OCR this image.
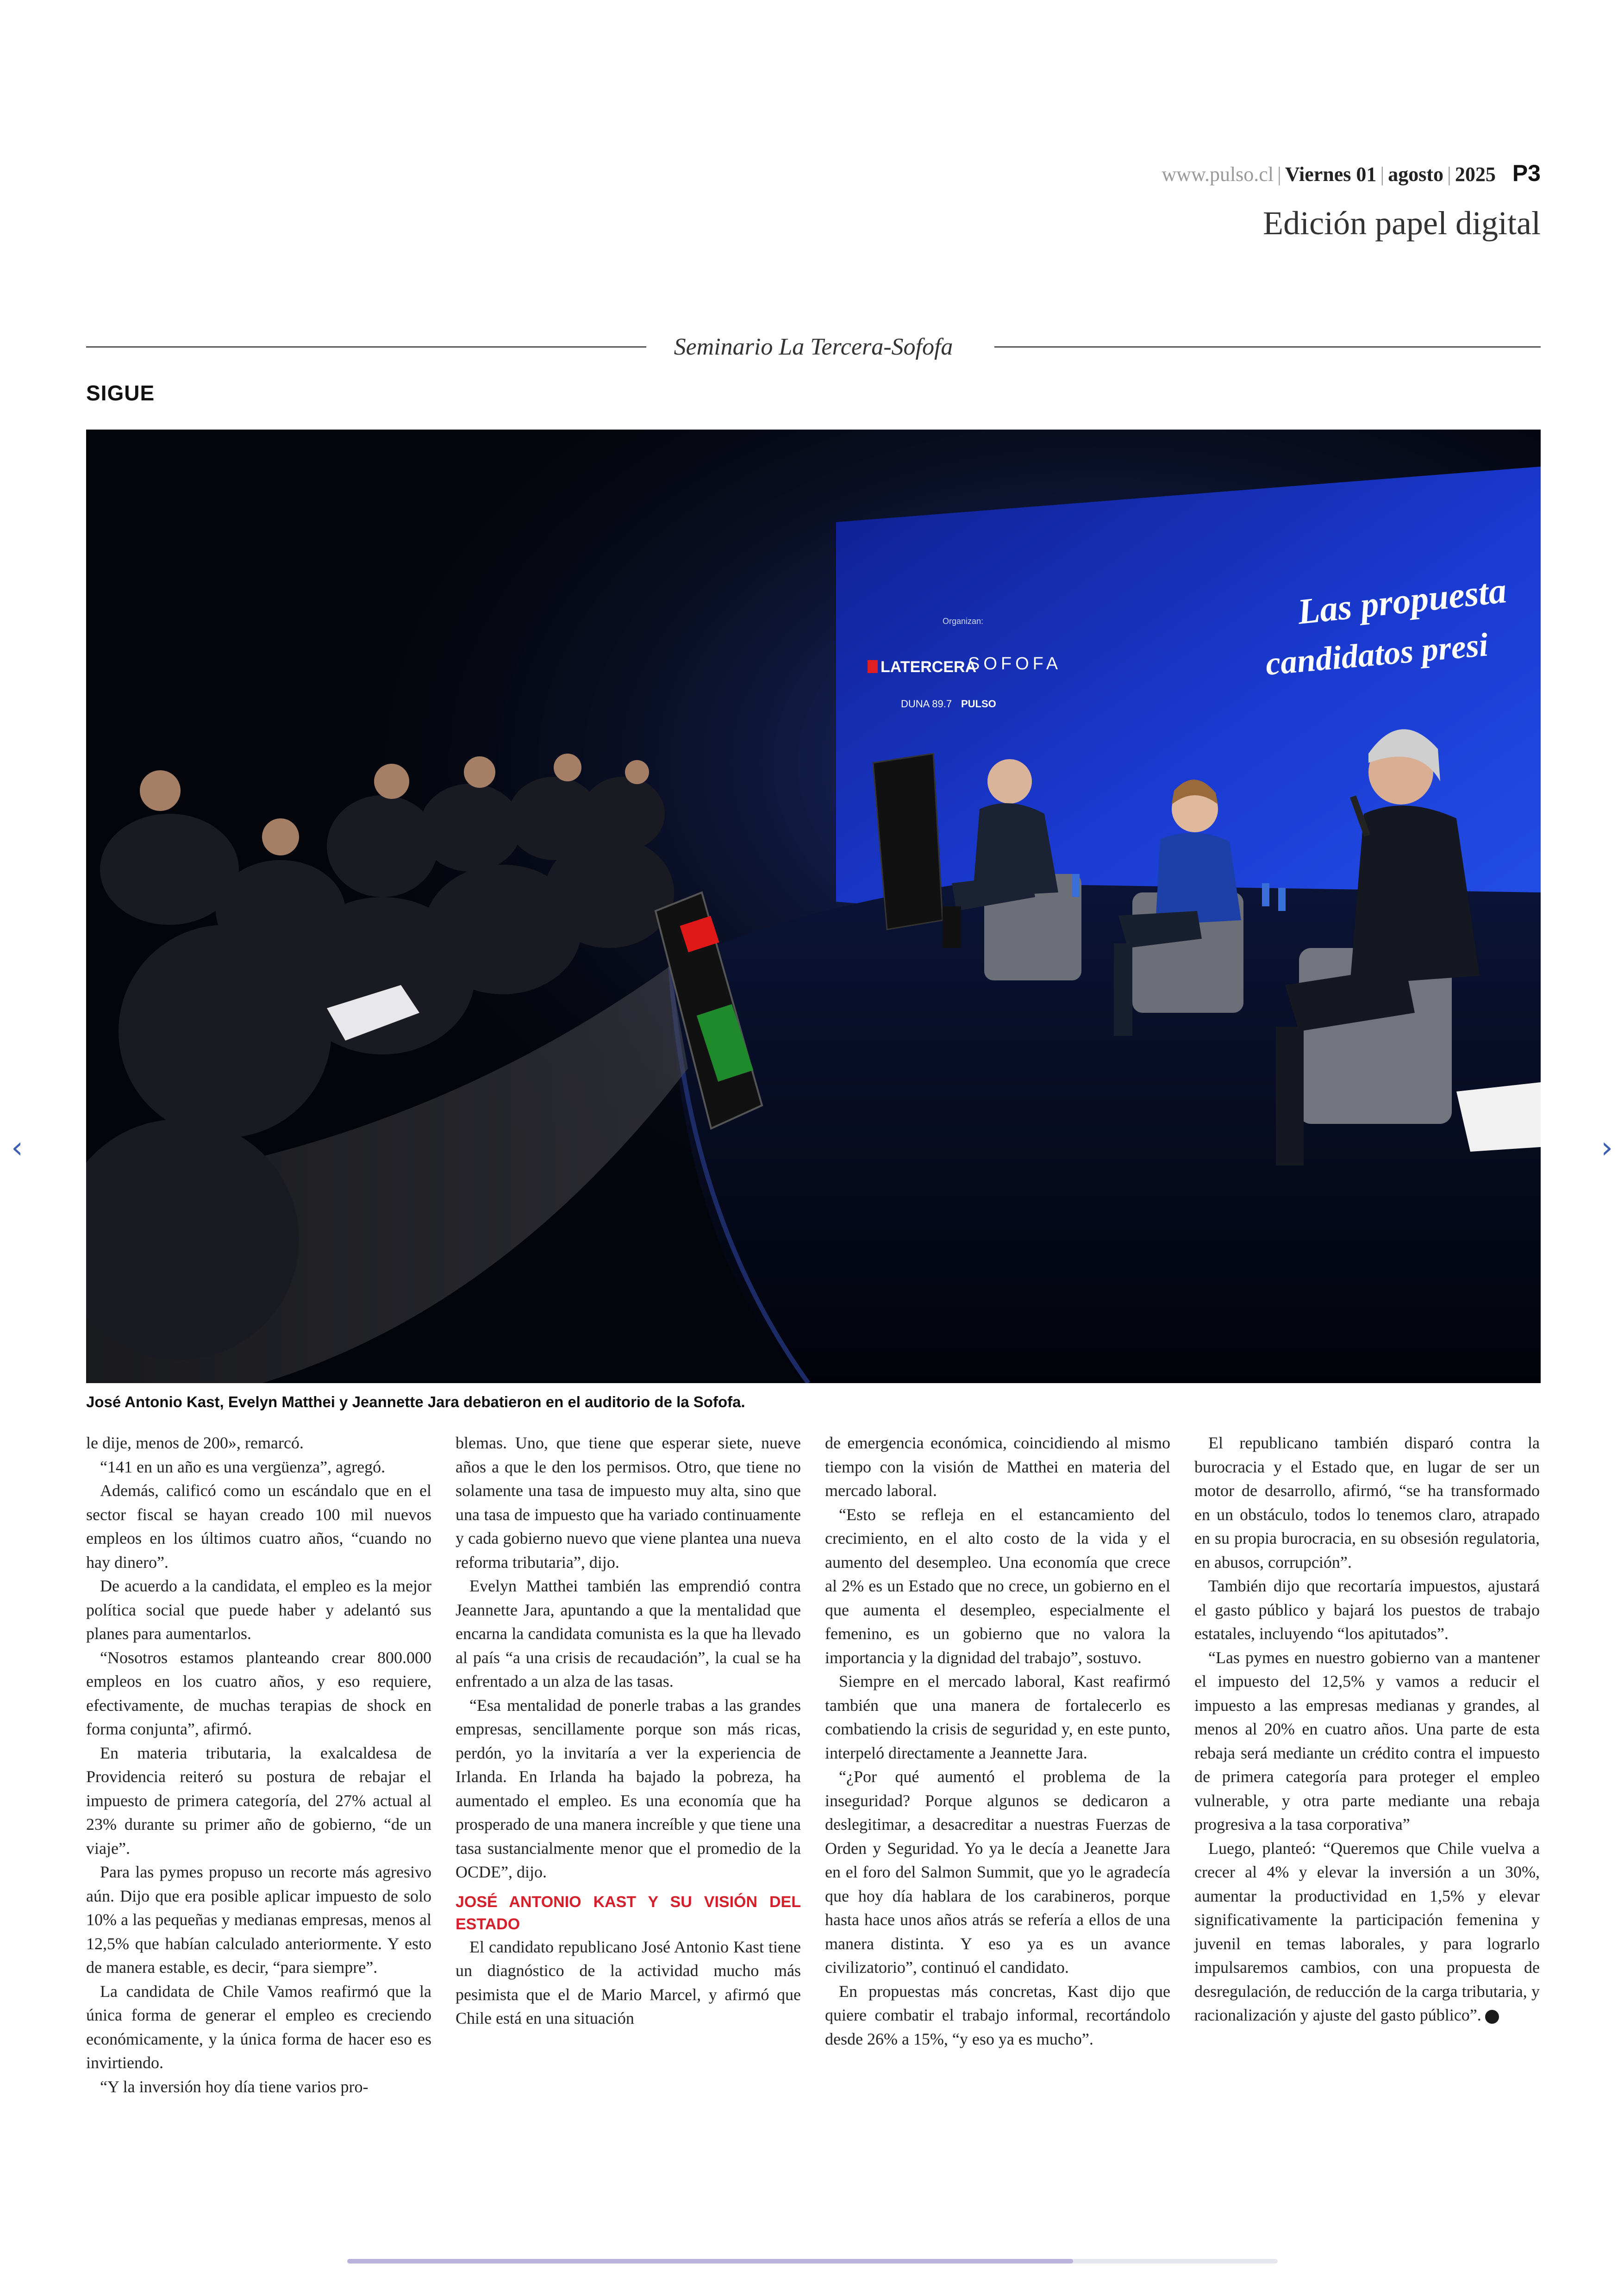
www.pulso.cl | Viernes 01 | agosto | 2025 P3
Edición papel digital
Seminario La Tercera-Sofofa
SIGUE
Las propuesta
candidatos presi
Organizan:
LATERCERA
SOFOFA
DUNA 89.7 PULSO
José Antonio Kast, Evelyn Matthei y Jeannette Jara debatieron en el auditorio de la Sofofa.

le dije, menos de 200», remarcó.

“141 en un año es una vergüenza”, agregó.

Además, calificó como un escándalo que en el sector fiscal se hayan creado 100 mil nuevos empleos en los últimos cuatro años, “cuando no hay dinero”.

De acuerdo a la candidata, el empleo es la mejor política social que puede haber y adelantó sus planes para aumentarlos.

“Nosotros estamos planteando crear 800.000 empleos en los cuatro años, y eso requiere, efectivamente, de muchas terapias de shock en forma conjunta”, afirmó.

En materia tributaria, la exalcaldesa de Providencia reiteró su postura de rebajar el impuesto de primera categoría, del 27% actual al 23% durante su primer año de gobierno, “de un viaje”.

Para las pymes propuso un recorte más agresivo aún. Dijo que era posible aplicar impuesto de solo 10% a las pequeñas y medianas empresas, menos al 12,5% que habían calculado anteriormente. Y esto de manera estable, es decir, “para siempre”.

La candidata de Chile Vamos reafirmó que la única forma de generar el empleo es creciendo económicamente, y la única forma de hacer eso es invirtiendo.

“Y la inversión hoy día tiene varios pro-

blemas. Uno, que tiene que esperar siete, nueve años a que le den los permisos. Otro, que tiene no solamente una tasa de impuesto muy alta, sino que una tasa de impuesto que ha variado continuamente y cada gobierno nuevo que viene plantea una nueva reforma tributaria”, dijo.

Evelyn Matthei también las emprendió contra Jeannette Jara, apuntando a que la mentalidad que encarna la candidata comunista es la que ha llevado al país “a una crisis de recaudación”, la cual se ha enfrentado a un alza de las tasas.

“Esa mentalidad de ponerle trabas a las grandes empresas, sencillamente porque son más ricas, perdón, yo la invitaría a ver la experiencia de Irlanda. En Irlanda ha bajado la pobreza, ha aumentado el empleo. Es una economía que ha prosperado de una manera increíble y que tiene una tasa sustancialmente menor que el promedio de la OCDE”, dijo.

JOSÉ ANTONIO KAST Y SU VISIÓN DEL ESTADO

El candidato republicano José Antonio Kast tiene un diagnóstico de la actividad mucho más pesimista que el de Mario Marcel, y afirmó que Chile está en una situación

de emergencia económica, coincidiendo al mismo tiempo con la visión de Matthei en materia del mercado laboral.

“Esto se refleja en el estancamiento del crecimiento, en el alto costo de la vida y el aumento del desempleo. Una economía que crece al 2% es un Estado que no crece, un gobierno en el que aumenta el desempleo, especialmente el femenino, es un gobierno que no valora la importancia y la dignidad del trabajo”, sostuvo.

Siempre en el mercado laboral, Kast reafirmó también que una manera de fortalecerlo es combatiendo la crisis de seguridad y, en este punto, interpeló directamente a Jeannette Jara.

“¿Por qué aumentó el problema de la inseguridad? Porque algunos se dedicaron a deslegitimar, a desacreditar a nuestras Fuerzas de Orden y Seguridad. Yo ya le decía a Jeanette Jara en el foro del Salmon Summit, que yo le agradecía que hoy día hablara de los carabineros, porque hasta hace unos años atrás se refería a ellos de una manera distinta. Y eso ya es un avance civilizatorio”, continuó el candidato.

En propuestas más concretas, Kast dijo que quiere combatir el trabajo informal, recortándolo desde 26% a 15%, “y eso ya es mucho”.

El republicano también disparó contra la burocracia y el Estado que, en lugar de ser un motor de desarrollo, afirmó, “se ha transformado en un obstáculo, todos lo tenemos claro, atrapado en su propia burocracia, en su obsesión regulatoria, en abusos, corrupción”.

También dijo que recortaría impuestos, ajustará el gasto público y bajará los puestos de trabajo estatales, incluyendo “los apitutados”.

“Las pymes en nuestro gobierno van a mantener el impuesto del 12,5% y vamos a reducir el impuesto a las empresas medianas y grandes, al menos al 20% en cuatro años. Una parte de esta rebaja será mediante un crédito contra el impuesto de primera categoría para proteger el empleo vulnerable, y otra parte mediante una rebaja progresiva a la tasa corporativa”

Luego, planteó: “Queremos que Chile vuelva a crecer al 4% y elevar la inversión a un 30%, aumentar la productividad en 1,5% y elevar significativamente la participación femenina y juvenil en temas laborales, y para lograrlo impulsaremos cambios, con una propuesta de desregulación, de reducción de la carga tributaria, y racionalización y ajuste del gasto público”. P

‹	›
